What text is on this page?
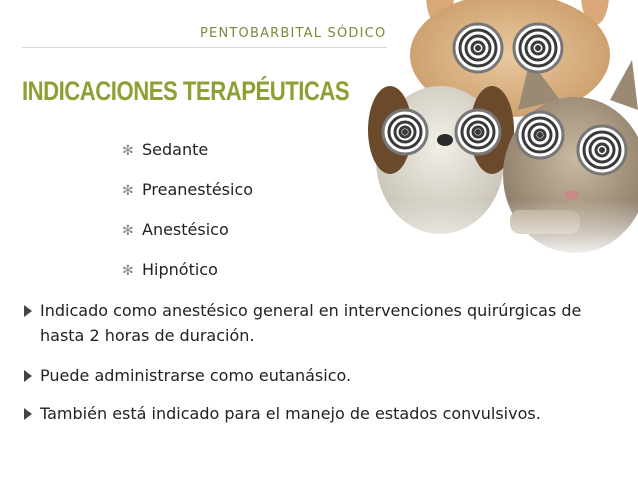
PENTOBARBITAL SÓDICO
INDICACIONES TERAPÉUTICAS
✻ Sedante
✻ Preanestésico
✻ Anestésico
✻ Hipnótico
Indicado como anestésico general en intervenciones quirúrgicas de hasta 2 horas de duración.
Puede administrarse como eutanásico.
También está indicado para el manejo de estados convulsivos.
